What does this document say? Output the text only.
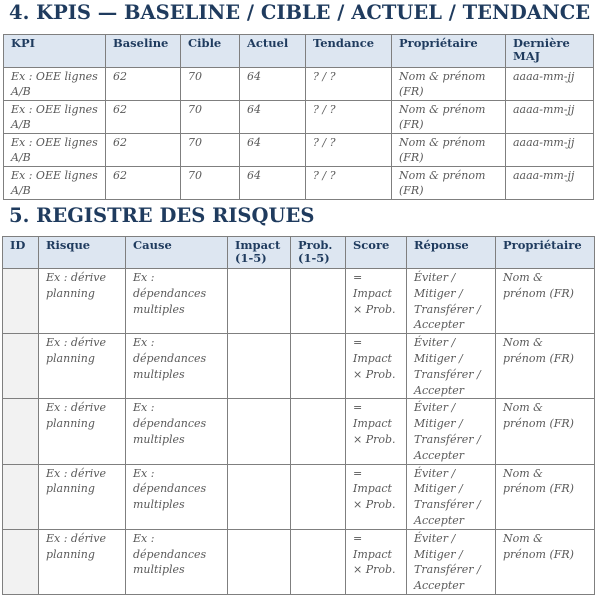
4. KPIS — BASELINE / CIBLE / ACTUEL / TENDANCE
KPI	Baseline	Cible	Actuel	Tendance	Propriétaire	Dernière MAJ
Ex : OEE lignes A/B	62	70	64	? / ?	Nom & prénom (FR)	aaaa-mm-jj
Ex : OEE lignes A/B	62	70	64	? / ?	Nom & prénom (FR)	aaaa-mm-jj
Ex : OEE lignes A/B	62	70	64	? / ?	Nom & prénom (FR)	aaaa-mm-jj
Ex : OEE lignes A/B	62	70	64	? / ?	Nom & prénom (FR)	aaaa-mm-jj
5. REGISTRE DES RISQUES
ID	Risque	Cause	Impact (1-5)	Prob. (1-5)	Score	Réponse	Propriétaire
	Ex : dérive planning	Ex : dépendances multiples			= Impact × Prob.	Éviter / Mitiger / Transférer / Accepter	Nom & prénom (FR)
	Ex : dérive planning	Ex : dépendances multiples			= Impact × Prob.	Éviter / Mitiger / Transférer / Accepter	Nom & prénom (FR)
	Ex : dérive planning	Ex : dépendances multiples			= Impact × Prob.	Éviter / Mitiger / Transférer / Accepter	Nom & prénom (FR)
	Ex : dérive planning	Ex : dépendances multiples			= Impact × Prob.	Éviter / Mitiger / Transférer / Accepter	Nom & prénom (FR)
	Ex : dérive planning	Ex : dépendances multiples			= Impact × Prob.	Éviter / Mitiger / Transférer / Accepter	Nom & prénom (FR)
